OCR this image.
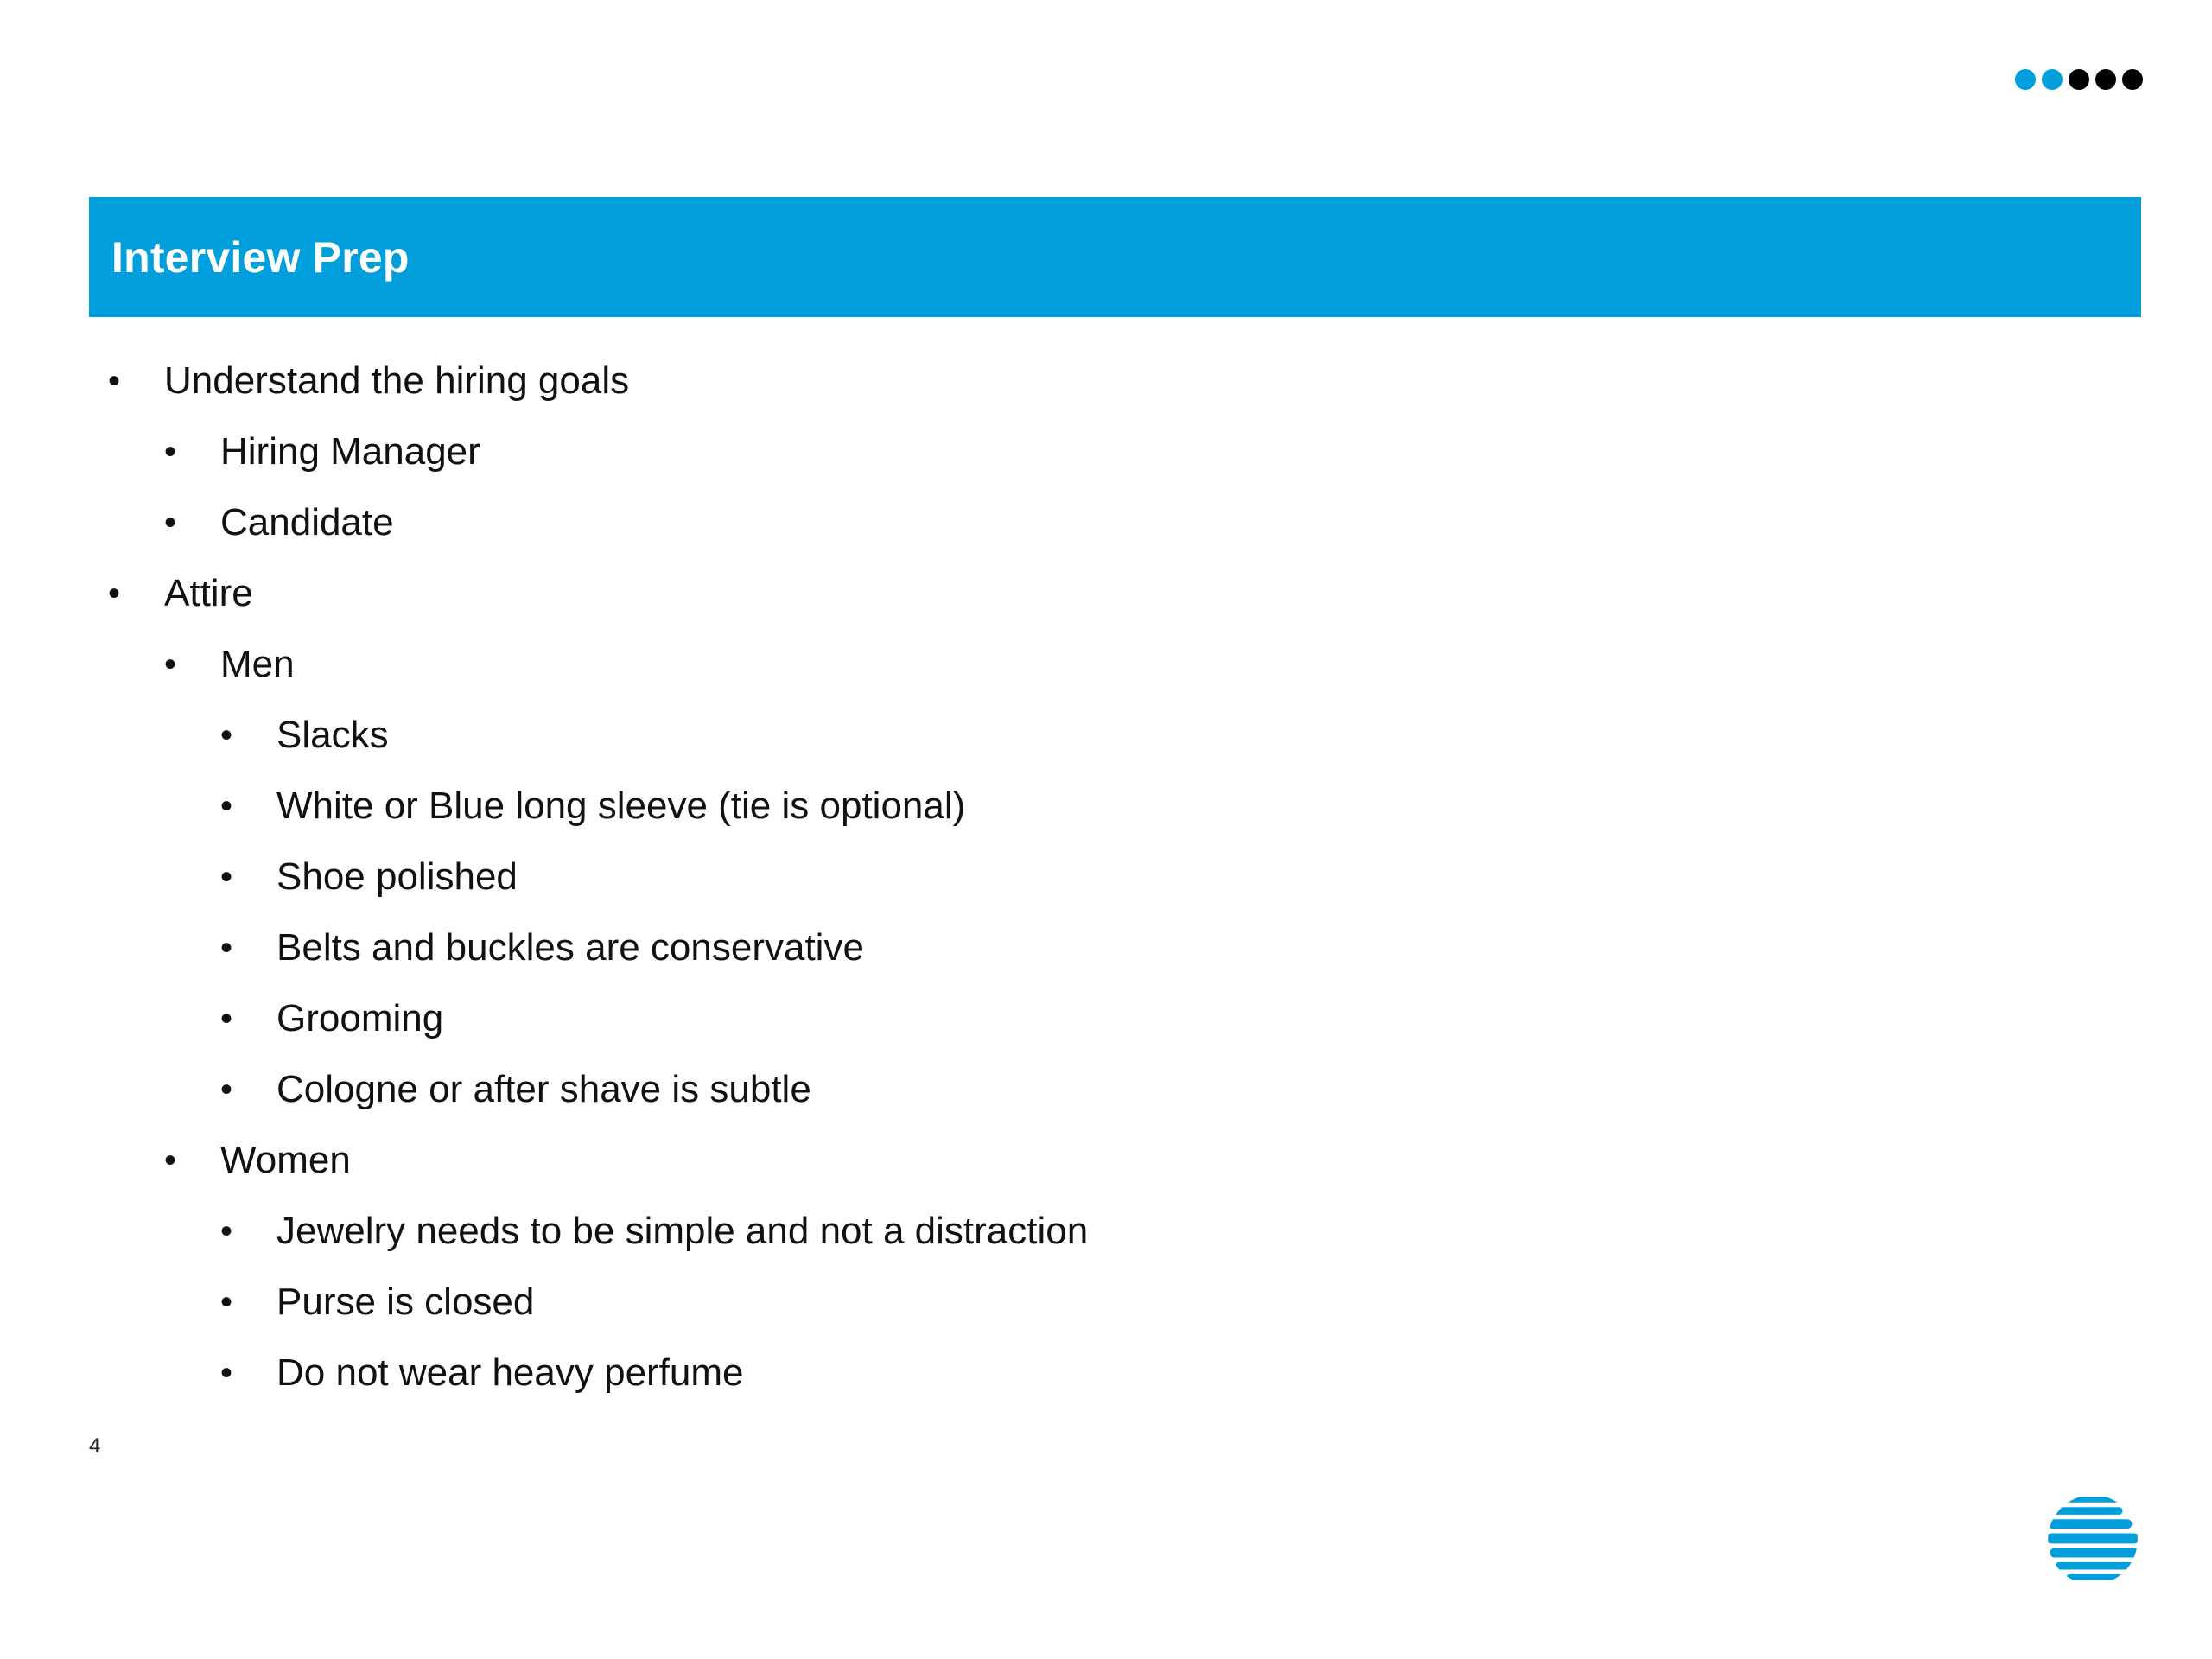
Interview Prep
•	Understand the hiring goals
•	Hiring Manager
•	Candidate
•	Attire
•	Men
•	Slacks
•	White or Blue long sleeve (tie is optional)
•	Shoe polished
•	Belts and buckles are conservative
•	Grooming
•	Cologne or after shave is subtle
•	Women
•	Jewelry needs to be simple and not a distraction
•	Purse is closed
•	Do not wear heavy perfume
4
